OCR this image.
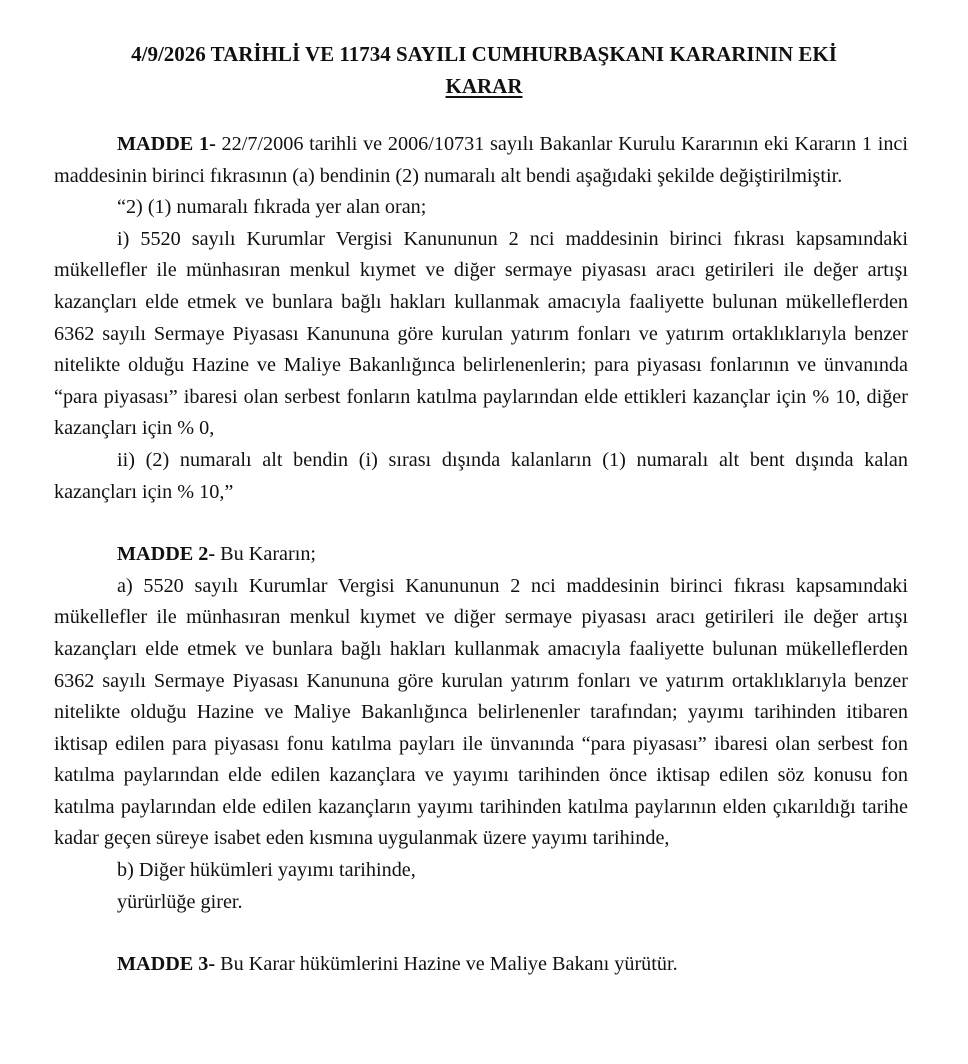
4/9/2026 TARİHLİ VE 11734 SAYILI CUMHURBAŞKANI KARARININ EKİ
KARAR

MADDE 1- 22/7/2006 tarihli ve 2006/10731 sayılı Bakanlar Kurulu Kararının eki Kararın 1 inci maddesinin birinci fıkrasının (a) bendinin (2) numaralı alt bendi aşağıdaki şekilde değiştirilmiştir.

“2) (1) numaralı fıkrada yer alan oran;

i) 5520 sayılı Kurumlar Vergisi Kanununun 2 nci maddesinin birinci fıkrası kapsamındaki mükellefler ile münhasıran menkul kıymet ve diğer sermaye piyasası aracı getirileri ile değer artışı kazançları elde etmek ve bunlara bağlı hakları kullanmak amacıyla faaliyette bulunan mükelleflerden 6362 sayılı Sermaye Piyasası Kanununa göre kurulan yatırım fonları ve yatırım ortaklıklarıyla benzer nitelikte olduğu Hazine ve Maliye Bakanlığınca belirlenenlerin; para piyasası fonlarının ve ünvanında “para piyasası” ibaresi olan serbest fonların katılma paylarından elde ettikleri kazançlar için % 10, diğer kazançları için % 0,

ii) (2) numaralı alt bendin (i) sırası dışında kalanların (1) numaralı alt bent dışında kalan kazançları için % 10,”

MADDE 2- Bu Kararın;

a) 5520 sayılı Kurumlar Vergisi Kanununun 2 nci maddesinin birinci fıkrası kapsamındaki mükellefler ile münhasıran menkul kıymet ve diğer sermaye piyasası aracı getirileri ile değer artışı kazançları elde etmek ve bunlara bağlı hakları kullanmak amacıyla faaliyette bulunan mükelleflerden 6362 sayılı Sermaye Piyasası Kanununa göre kurulan yatırım fonları ve yatırım ortaklıklarıyla benzer nitelikte olduğu Hazine ve Maliye Bakanlığınca belirlenenler tarafından; yayımı tarihinden itibaren iktisap edilen para piyasası fonu katılma payları ile ünvanında “para piyasası” ibaresi olan serbest fon katılma paylarından elde edilen kazançlara ve yayımı tarihinden önce iktisap edilen söz konusu fon katılma paylarından elde edilen kazançların yayımı tarihinden katılma paylarının elden çıkarıldığı tarihe kadar geçen süreye isabet eden kısmına uygulanmak üzere yayımı tarihinde,

b) Diğer hükümleri yayımı tarihinde,

yürürlüğe girer.

MADDE 3- Bu Karar hükümlerini Hazine ve Maliye Bakanı yürütür.
